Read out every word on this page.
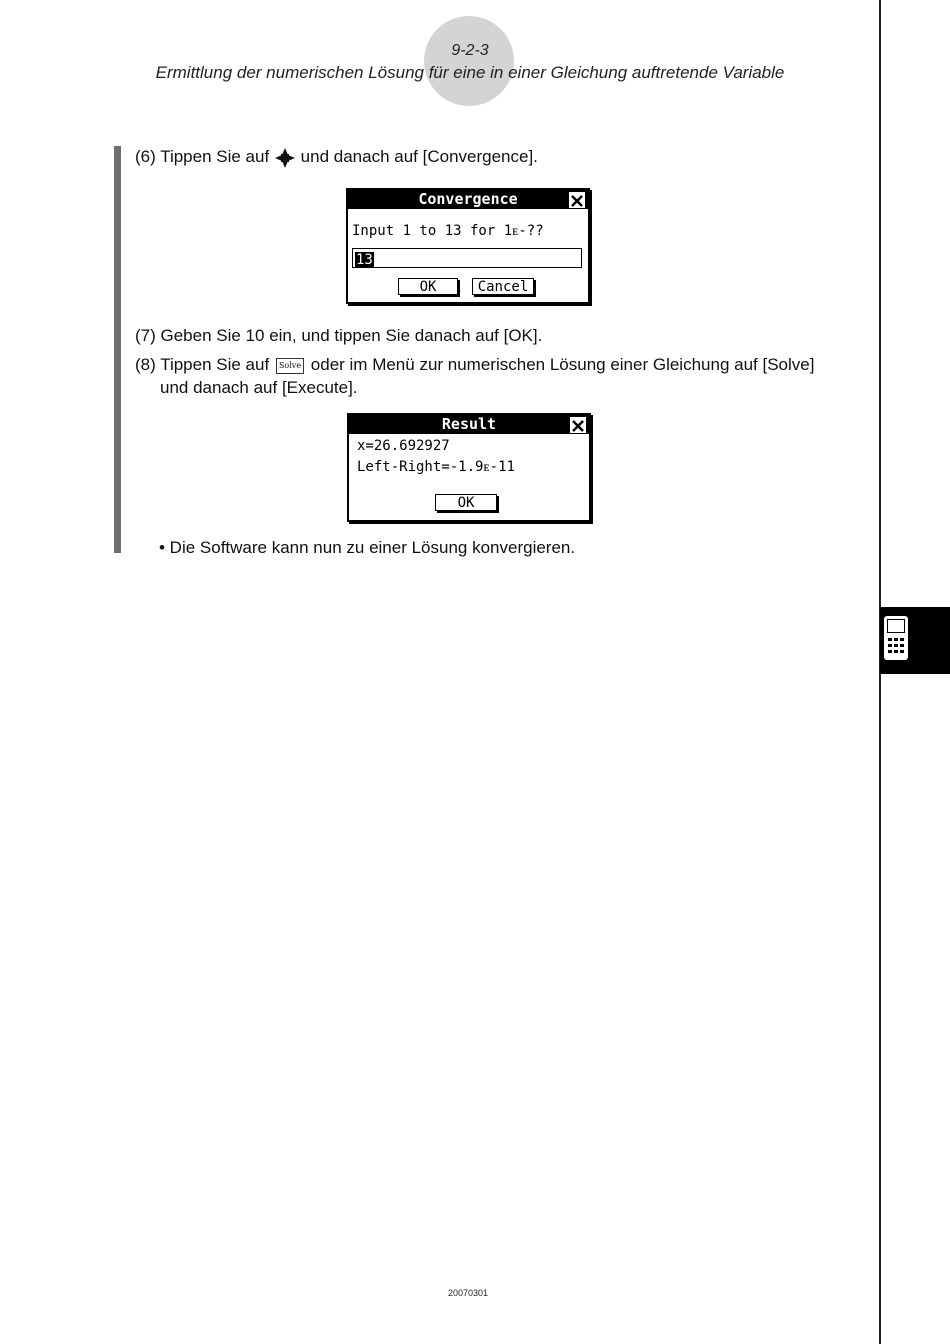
9-2-3
Ermittlung der numerischen Lösung für eine in einer Gleichung auftretende Variable
(6) Tippen Sie auf und danach auf [Convergence].
Convergence
Input 1 to 13 for 1ᴇ-??
13
OK	Cancel
(7) Geben Sie 10 ein, und tippen Sie danach auf [OK].
(8) Tippen Sie auf Solve oder im Menü zur numerischen Lösung einer Gleichung auf [Solve]
und danach auf [Execute].
Result
x=26.692927
Left-Right=-1.9ᴇ-11
OK
• Die Software kann nun zu einer Lösung konvergieren.
20070301
